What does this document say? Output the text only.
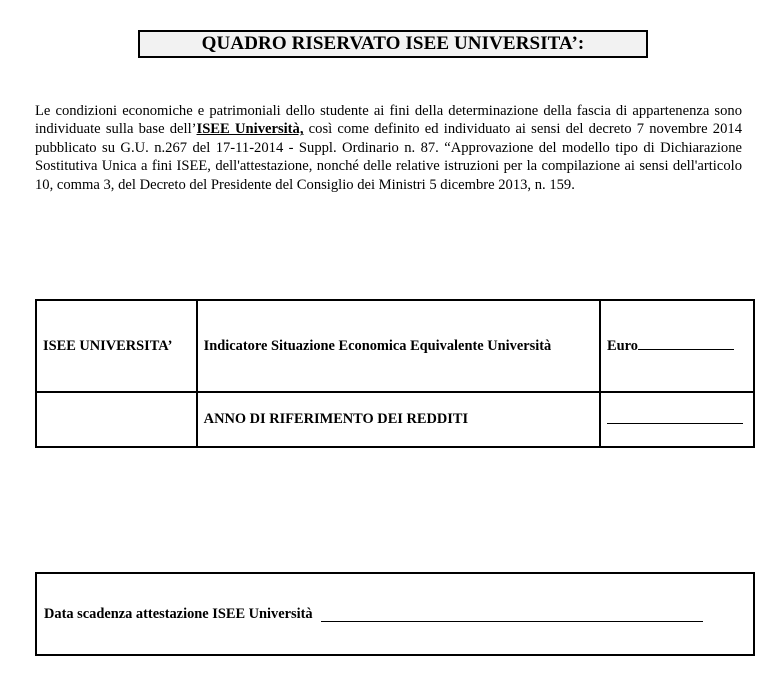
QUADRO RISERVATO ISEE UNIVERSITA’:

Le condizioni economiche e patrimoniali dello studente ai fini della determinazione della fascia di appartenenza sono individuate sulla base dell’ISEE Università, così come definito ed individuato ai sensi del decreto 7 novembre 2014 pubblicato su G.U. n.267 del 17-11-2014 - Suppl. Ordinario n. 87. “Approvazione del modello tipo di Dichiarazione Sostitutiva Unica a fini ISEE, dell'attestazione, nonché delle relative istruzioni per la compilazione ai sensi dell'articolo 10, comma 3, del Decreto del Presidente del Consiglio dei Ministri 5 dicembre 2013, n. 159.

ISEE UNIVERSITA’	Indicatore Situazione Economica Equivalente Università	Euro
	ANNO DI RIFERIMENTO DEI REDDITI	
Data scadenza attestazione ISEE Università
